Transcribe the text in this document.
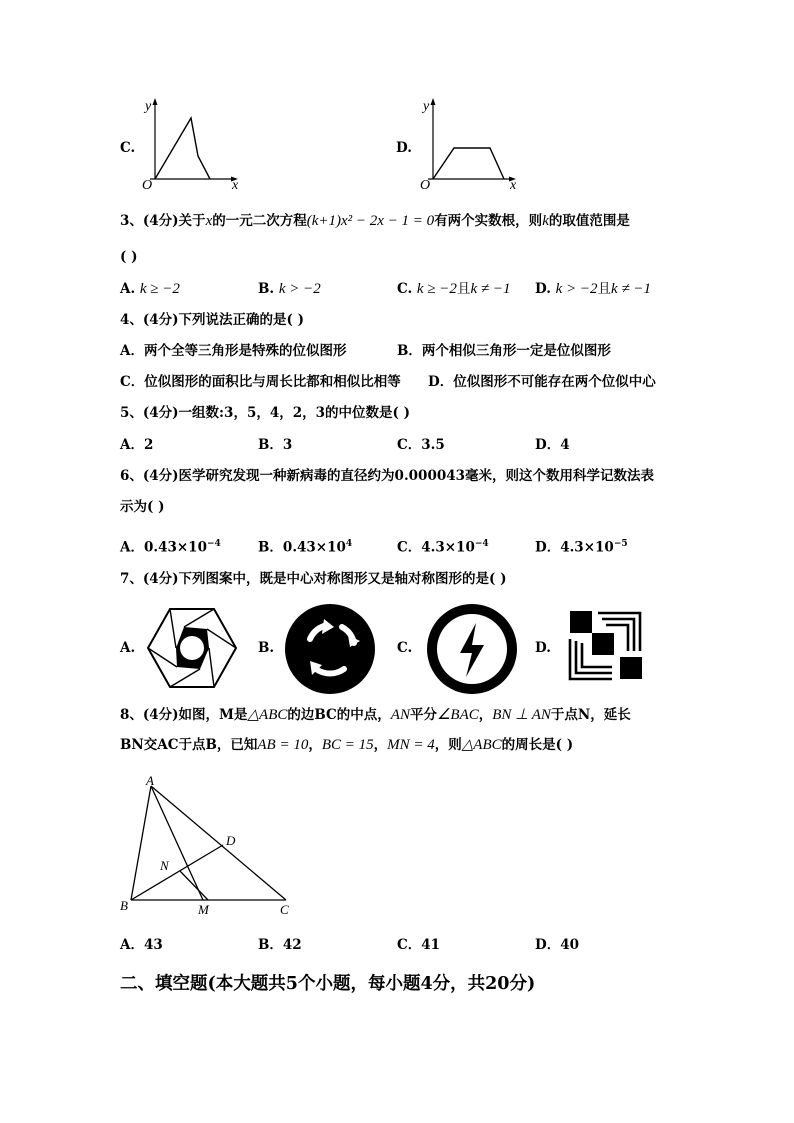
C.
y
x
O
D.
y
x
O
3、(4分)关于x的一元二次方程(k+1)x² − 2x − 1 = 0有两个实数根，则k的取值范围是
( )
A. k ≥ −2	B. k > −2	C. k ≥ −2且k ≠ −1 D. k > −2且k ≠ −1
4、(4分)下列说法正确的是( )
A．两个全等三角形是特殊的位似图形	B．两个相似三角形一定是位似图形
C．位似图形的面积比与周长比都和相似比相等 D．位似图形不可能存在两个位似中心
5、(4分)一组数:3，5，4，2，3的中位数是( )
A．2	B．3	C．3.5	D．4
6、(4分)医学研究发现一种新病毒的直径约为0.000043毫米，则这个数用科学记数法表
示为( )
A．$0.43\times 10^{-4}$	B．$0.43\times 10^4$	C．$4.3\times 10^{-4}$	D．$4.3\times 10^{-5}$
7、(4分)下列图案中，既是中心对称图形又是轴对称图形的是( )
A.	B.	C.	D.
8、(4分)如图，M是△ABC的边BC的中点，AN平分∠BAC，BN ⊥ AN于点N，延长
BN交AC于点B，已知AB = 10，BC = 15，MN = 4，则△ABC的周长是( )
A
B	C
D
N
M
A．43	B．42	C．41	D．40
二、填空题(本大题共5个小题，每小题4分，共20分)
